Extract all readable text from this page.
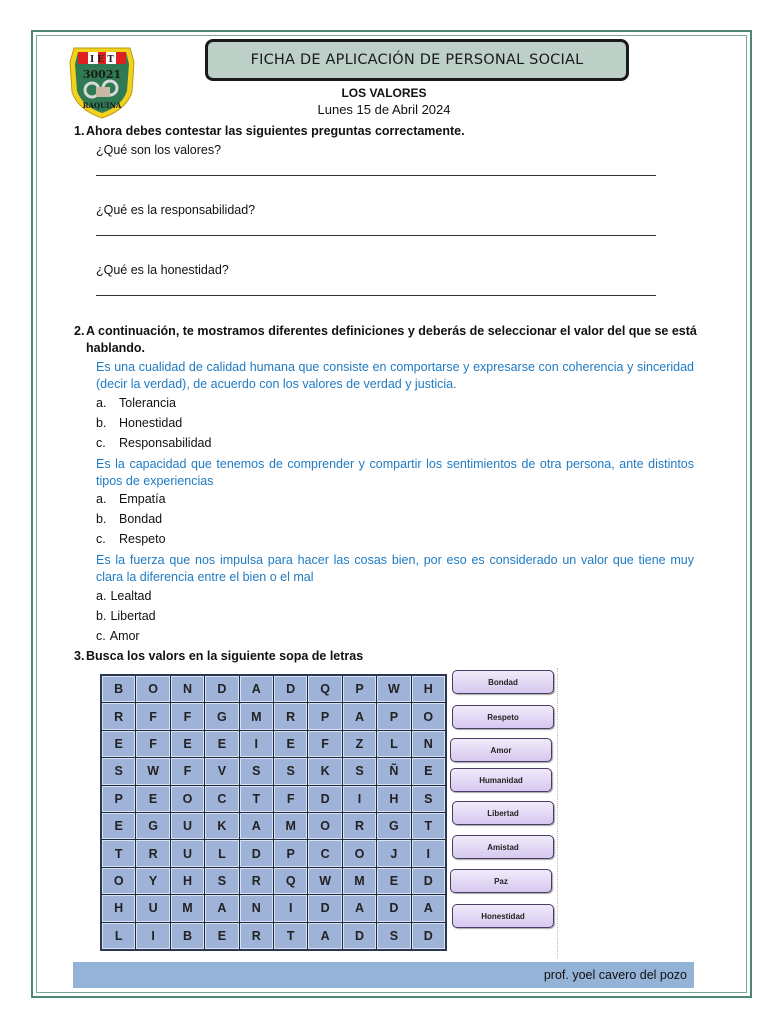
I E T
30021
RAQUINA
FICHA DE APLICACIÓN DE PERSONAL SOCIAL
LOS VALORES
Lunes 15 de Abril 2024
1. Ahora debes contestar las siguientes preguntas correctamente.
¿Qué son los valores?
¿Qué es la responsabilidad?
¿Qué es la honestidad?
2. A continuación, te mostramos diferentes definiciones y deberás de seleccionar el valor del que se está
hablando.
Es una cualidad de calidad humana que consiste en comportarse y expresarse con coherencia y sinceridad (decir la verdad), de acuerdo con los valores de verdad y justicia.
a. Tolerancia
b. Honestidad
c. Responsabilidad
Es la capacidad que tenemos de comprender y compartir los sentimientos de otra persona, ante distintos tipos de experiencias
a. Empatía
b. Bondad
c. Respeto
Es la fuerza que nos impulsa para hacer las cosas bien, por eso es considerado un valor que tiene muy clara la diferencia entre el bien o el mal
a. Lealtad
b. Libertad
c. Amor
3. Busca los valors en la siguiente sopa de letras
B	O	N	D	A	D	Q	P	W	H
R	F	F	G	M	R	P	A	P	O
E	F	E	E	I	E	F	Z	L	N
S	W	F	V	S	S	K	S	Ñ	E
P	E	O	C	T	F	D	I	H	S
E	G	U	K	A	M	O	R	G	T
T	R	U	L	D	P	C	O	J	I
O	Y	H	S	R	Q	W	M	E	D
H	U	M	A	N	I	D	A	D	A
L	I	B	E	R	T	A	D	S	D
Bondad
Respeto
Amor
Humanidad
Libertad
Amistad
Paz
Honestidad
prof. yoel cavero del pozo
